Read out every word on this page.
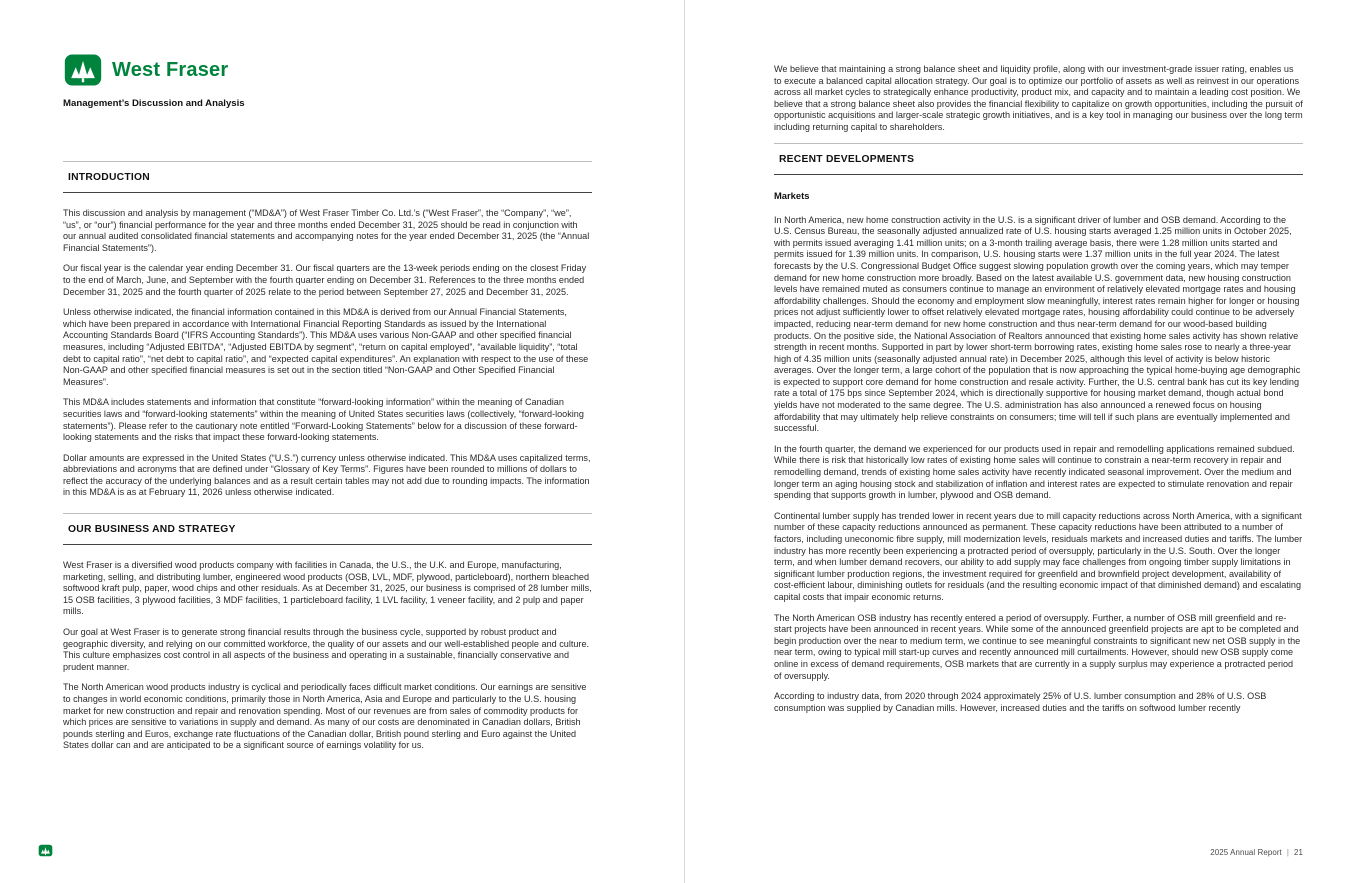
West Fraser

Management’s Discussion and Analysis

INTRODUCTION

This discussion and analysis by management (“MD&A”) of West Fraser Timber Co. Ltd.’s (“West Fraser”, the “Company”, “we”, “us”, or “our”) financial performance for the year and three months ended December 31, 2025 should be read in conjunction with our annual audited consolidated financial statements and accompanying notes for the year ended December 31, 2025 (the “Annual Financial Statements”).

Our fiscal year is the calendar year ending December 31. Our fiscal quarters are the 13-week periods ending on the closest Friday to the end of March, June, and September with the fourth quarter ending on December 31. References to the three months ended December 31, 2025 and the fourth quarter of 2025 relate to the period between September 27, 2025 and December 31, 2025.

Unless otherwise indicated, the financial information contained in this MD&A is derived from our Annual Financial Statements, which have been prepared in accordance with International Financial Reporting Standards as issued by the International Accounting Standards Board (“IFRS Accounting Standards”). This MD&A uses various Non-GAAP and other specified financial measures, including “Adjusted EBITDA”, “Adjusted EBITDA by segment”, “return on capital employed”, “available liquidity”, “total debt to capital ratio”, “net debt to capital ratio”, and “expected capital expenditures”. An explanation with respect to the use of these Non-GAAP and other specified financial measures is set out in the section titled “Non-GAAP and Other Specified Financial Measures”.

This MD&A includes statements and information that constitute “forward-looking information” within the meaning of Canadian securities laws and “forward-looking statements” within the meaning of United States securities laws (collectively, “forward-looking statements”). Please refer to the cautionary note entitled “Forward-Looking Statements” below for a discussion of these forward-looking statements and the risks that impact these forward-looking statements.

Dollar amounts are expressed in the United States (“U.S.”) currency unless otherwise indicated. This MD&A uses capitalized terms, abbreviations and acronyms that are defined under “Glossary of Key Terms”. Figures have been rounded to millions of dollars to reflect the accuracy of the underlying balances and as a result certain tables may not add due to rounding impacts. The information in this MD&A is as at February 11, 2026 unless otherwise indicated.

OUR BUSINESS AND STRATEGY

West Fraser is a diversified wood products company with facilities in Canada, the U.S., the U.K. and Europe, manufacturing, marketing, selling, and distributing lumber, engineered wood products (OSB, LVL, MDF, plywood, particleboard), northern bleached softwood kraft pulp, paper, wood chips and other residuals. As at December 31, 2025, our business is comprised of 28 lumber mills, 15 OSB facilities, 3 plywood facilities, 3 MDF facilities, 1 particleboard facility, 1 LVL facility, 1 veneer facility, and 2 pulp and paper mills.

Our goal at West Fraser is to generate strong financial results through the business cycle, supported by robust product and geographic diversity, and relying on our committed workforce, the quality of our assets and our well-established people and culture. This culture emphasizes cost control in all aspects of the business and operating in a sustainable, financially conservative and prudent manner.

The North American wood products industry is cyclical and periodically faces difficult market conditions. Our earnings are sensitive to changes in world economic conditions, primarily those in North America, Asia and Europe and particularly to the U.S. housing market for new construction and repair and renovation spending. Most of our revenues are from sales of commodity products for which prices are sensitive to variations in supply and demand. As many of our costs are denominated in Canadian dollars, British pounds sterling and Euros, exchange rate fluctuations of the Canadian dollar, British pound sterling and Euro against the United States dollar can and are anticipated to be a significant source of earnings volatility for us.

We believe that maintaining a strong balance sheet and liquidity profile, along with our investment-grade issuer rating, enables us to execute a balanced capital allocation strategy. Our goal is to optimize our portfolio of assets as well as reinvest in our operations across all market cycles to strategically enhance productivity, product mix, and capacity and to maintain a leading cost position. We believe that a strong balance sheet also provides the financial flexibility to capitalize on growth opportunities, including the pursuit of opportunistic acquisitions and larger-scale strategic growth initiatives, and is a key tool in managing our business over the long term including returning capital to shareholders.

RECENT DEVELOPMENTS

Markets

In North America, new home construction activity in the U.S. is a significant driver of lumber and OSB demand. According to the U.S. Census Bureau, the seasonally adjusted annualized rate of U.S. housing starts averaged 1.25 million units in October 2025, with permits issued averaging 1.41 million units; on a 3-month trailing average basis, there were 1.28 million units started and permits issued for 1.39 million units. In comparison, U.S. housing starts were 1.37 million units in the full year 2024. The latest forecasts by the U.S. Congressional Budget Office suggest slowing population growth over the coming years, which may temper demand for new home construction more broadly. Based on the latest available U.S. government data, new housing construction levels have remained muted as consumers continue to manage an environment of relatively elevated mortgage rates and housing affordability challenges. Should the economy and employment slow meaningfully, interest rates remain higher for longer or housing prices not adjust sufficiently lower to offset relatively elevated mortgage rates, housing affordability could continue to be adversely impacted, reducing near-term demand for new home construction and thus near-term demand for our wood-based building products. On the positive side, the National Association of Realtors announced that existing home sales activity has shown relative strength in recent months. Supported in part by lower short-term borrowing rates, existing home sales rose to nearly a three-year high of 4.35 million units (seasonally adjusted annual rate) in December 2025, although this level of activity is below historic averages. Over the longer term, a large cohort of the population that is now approaching the typical home-buying age demographic is expected to support core demand for home construction and resale activity. Further, the U.S. central bank has cut its key lending rate a total of 175 bps since September 2024, which is directionally supportive for housing market demand, though actual bond yields have not moderated to the same degree. The U.S. administration has also announced a renewed focus on housing affordability that may ultimately help relieve constraints on consumers; time will tell if such plans are eventually implemented and successful.

In the fourth quarter, the demand we experienced for our products used in repair and remodelling applications remained subdued. While there is risk that historically low rates of existing home sales will continue to constrain a near-term recovery in repair and remodelling demand, trends of existing home sales activity have recently indicated seasonal improvement. Over the medium and longer term an aging housing stock and stabilization of inflation and interest rates are expected to stimulate renovation and repair spending that supports growth in lumber, plywood and OSB demand.

Continental lumber supply has trended lower in recent years due to mill capacity reductions across North America, with a significant number of these capacity reductions announced as permanent. These capacity reductions have been attributed to a number of factors, including uneconomic fibre supply, mill modernization levels, residuals markets and increased duties and tariffs. The lumber industry has more recently been experiencing a protracted period of oversupply, particularly in the U.S. South. Over the longer term, and when lumber demand recovers, our ability to add supply may face challenges from ongoing timber supply limitations in significant lumber production regions, the investment required for greenfield and brownfield project development, availability of cost-efficient labour, diminishing outlets for residuals (and the resulting economic impact of that diminished demand) and escalating capital costs that impair economic returns.

The North American OSB industry has recently entered a period of oversupply. Further, a number of OSB mill greenfield and re-start projects have been announced in recent years. While some of the announced greenfield projects are apt to be completed and begin production over the near to medium term, we continue to see meaningful constraints to significant new net OSB supply in the near term, owing to typical mill start-up curves and recently announced mill curtailments. However, should new OSB supply come online in excess of demand requirements, OSB markets that are currently in a supply surplus may experience a protracted period of oversupply.

According to industry data, from 2020 through 2024 approximately 25% of U.S. lumber consumption and 28% of U.S. OSB consumption was supplied by Canadian mills. However, increased duties and the tariffs on softwood lumber recently

2025 Annual Report | 21
